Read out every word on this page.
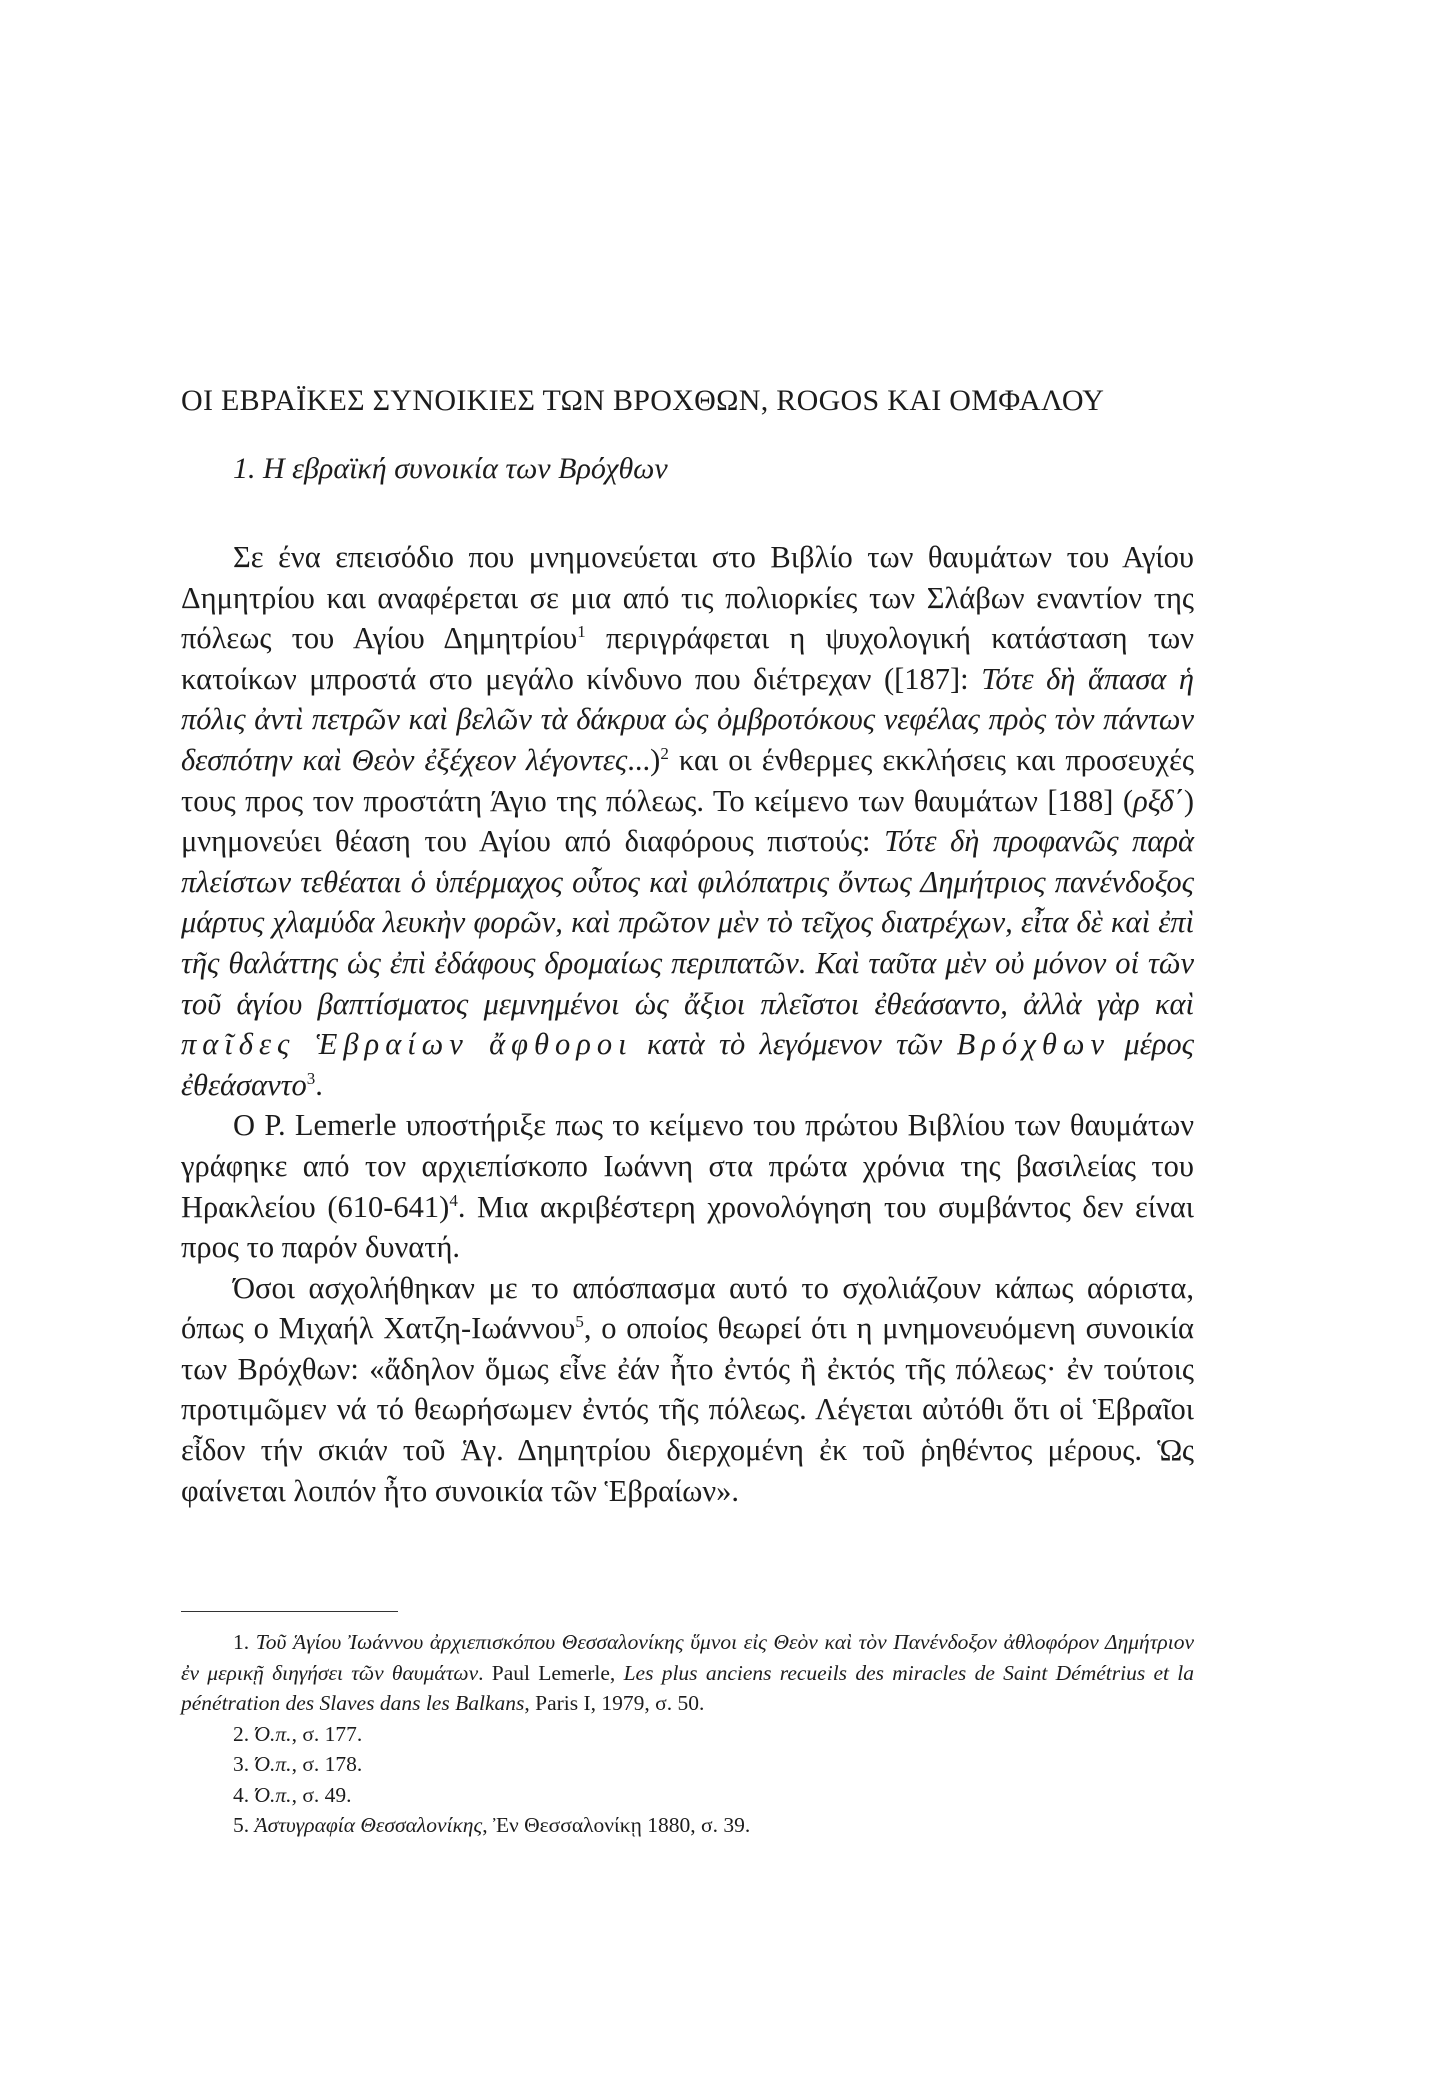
ΟΙ ΕΒΡΑΪΚΕΣ ΣΥΝΟΙΚΙΕΣ ΤΩΝ ΒΡΟΧΘΩΝ, ROGOS ΚΑΙ ΟΜΦΑΛΟΥ
1. Η εβραϊκή συνοικία των Βρόχθων

Σε ένα επεισόδιο που μνημονεύεται στο Βιβλίο των θαυμάτων του Αγίου Δημητρίου και αναφέρεται σε μια από τις πολιορκίες των Σλάβων εναντίον της πόλεως του Αγίου Δημητρίου$^1$ περιγράφεται η ψυχολογική κατάσταση των κατοίκων μπροστά στο μεγάλο κίνδυνο που διέτρεχαν ([187]: Τότε δὴ ἅπασα ἡ πόλις ἀντὶ πετρῶν καὶ βελῶν τὰ δάκρυα ὡς ὀμβροτόκους νεφέλας πρὸς τὸν πάντων δεσπότην καὶ Θεὸν ἐξέχεον λέγοντες...)$^2$ και οι ένθερμες εκκλήσεις και προσευχές τους προς τον προστάτη Άγιο της πόλεως. Το κείμενο των θαυμάτων [188] (ρξδ΄) μνημονεύει θέαση του Αγίου από διαφόρους πιστούς: Τότε δὴ προφανῶς παρὰ πλείστων τεθέαται ὁ ὑπέρμαχος οὗτος καὶ φιλόπατρις ὄντως Δημήτριος πανένδοξος μάρτυς χλαμύδα λευκὴν φορῶν, καὶ πρῶτον μὲν τὸ τεῖχος διατρέχων, εἶτα δὲ καὶ ἐπὶ τῆς θαλάττης ὡς ἐπὶ ἐδάφους δρομαίως περιπατῶν. Καὶ ταῦτα μὲν οὐ μόνον οἱ τῶν τοῦ ἁγίου βαπτίσματος μεμνημένοι ὡς ἄξιοι πλεῖστοι ἐθεάσαντο, ἀλλὰ γὰρ καὶ παῖδες Ἑβραίων ἄφθοροι κατὰ τὸ λεγόμενον τῶν Βρόχθων μέρος ἐθεάσαντο$^3$.

Ο P. Lemerle υποστήριξε πως το κείμενο του πρώτου Βιβλίου των θαυμάτων γράφηκε από τον αρχιεπίσκοπο Ιωάννη στα πρώτα χρόνια της βασιλείας του Ηρακλείου $(610-641)^4$. Μια ακριβέστερη χρονολόγηση του συμβάντος δεν είναι προς το παρόν δυνατή.

Όσοι ασχολήθηκαν με το απόσπασμα αυτό το σχολιάζουν κάπως αόριστα, όπως ο Μιχαήλ Χατζη-Ιωάννου$^5$, ο οποίος θεωρεί ότι η μνημονευόμενη συνοικία των Βρόχθων: «ἄδηλον ὅμως εἶνε ἐάν ἦτο ἐντός ἢ ἐκτός τῆς πόλεως· ἐν τούτοις προτιμῶμεν νά τό θεωρήσωμεν ἐντός τῆς πόλεως. Λέγεται αὐτόθι ὅτι οἱ Ἑβραῖοι εἶδον τήν σκιάν τοῦ Ἁγ. Δημητρίου διερχομένη ἐκ τοῦ ῥηθέντος μέρους. Ὡς φαίνεται λοιπόν ἦτο συνοικία τῶν Ἑβραίων».

1. Τοῦ Ἁγίου Ἰωάννου ἀρχιεπισκόπου Θεσσαλονίκης ὕμνοι εἰς Θεὸν καὶ τὸν Πανένδοξον ἀθλοφόρον Δημήτριον ἐν μερικῇ διηγήσει τῶν θαυμάτων. Paul Lemerle, Les plus anciens recueils des miracles de Saint Démétrius et la pénétration des Slaves dans les Balkans, Paris I, 1979, σ. 50.

2. Ό.π., σ. 177.

3. Ό.π., σ. 178.

4. Ό.π., σ. 49.

5. Ἀστυγραφία Θεσσαλονίκης, Ἐν Θεσσαλονίκῃ 1880, σ. 39.
